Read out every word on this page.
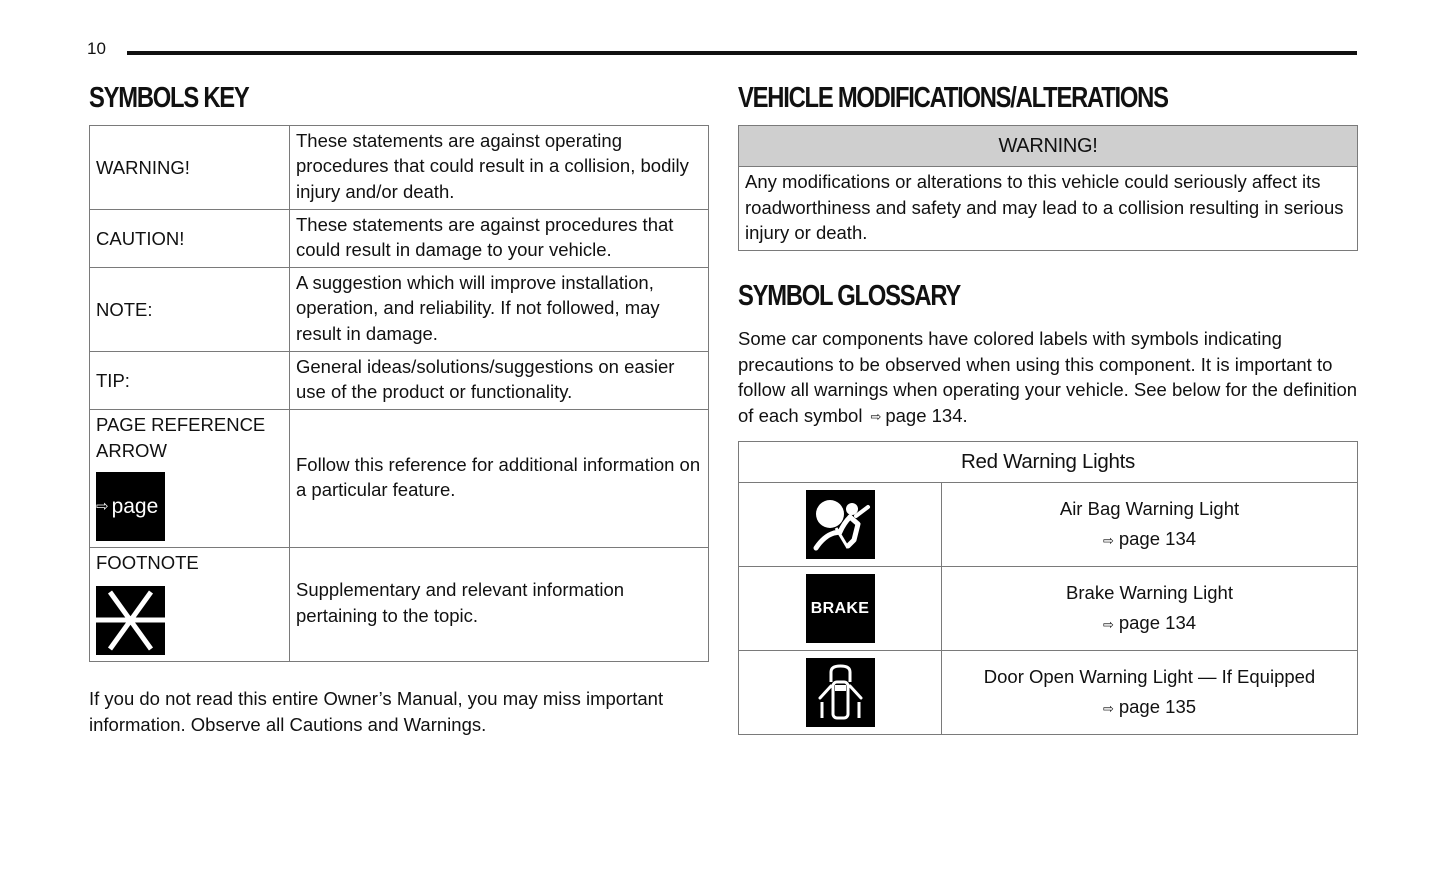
10
SYMBOLS KEY
WARNING!	These statements are against operating procedures that could result in a collision, bodily injury and/or death.
CAUTION!	These statements are against procedures that could result in damage to your vehicle.
NOTE:	A suggestion which will improve installation, operation, and reliability. If not followed, may result in damage.
TIP:	General ideas/solutions/suggestions on easier use of the product or functionality.

PAGE REFERENCE ARROW
⇨ page	Follow this reference for additional information on a particular feature.

FOOTNOTE	Supplementary and relevant information pertaining to the topic.
If you do not read this entire Owner’s Manual, you may miss important information. Observe all Cautions and Warnings.
VEHICLE MODIFICATIONS/ALTERATIONS
WARNING!
Any modifications or alterations to this vehicle could seriously affect its roadworthiness and safety and may lead to a collision resulting in serious injury or death.
SYMBOL GLOSSARY
Some car components have colored labels with symbols indicating precautions to be observed when using this component. It is important to follow all warnings when operating your vehicle. See below for the definition of each symbol ⇨ page 134.
Red Warning Lights	

Air Bag Warning Light
⇨ page 134

BRAKE	Brake Warning Light
⇨ page 134

Door Open Warning Light — If Equipped
⇨ page 135
